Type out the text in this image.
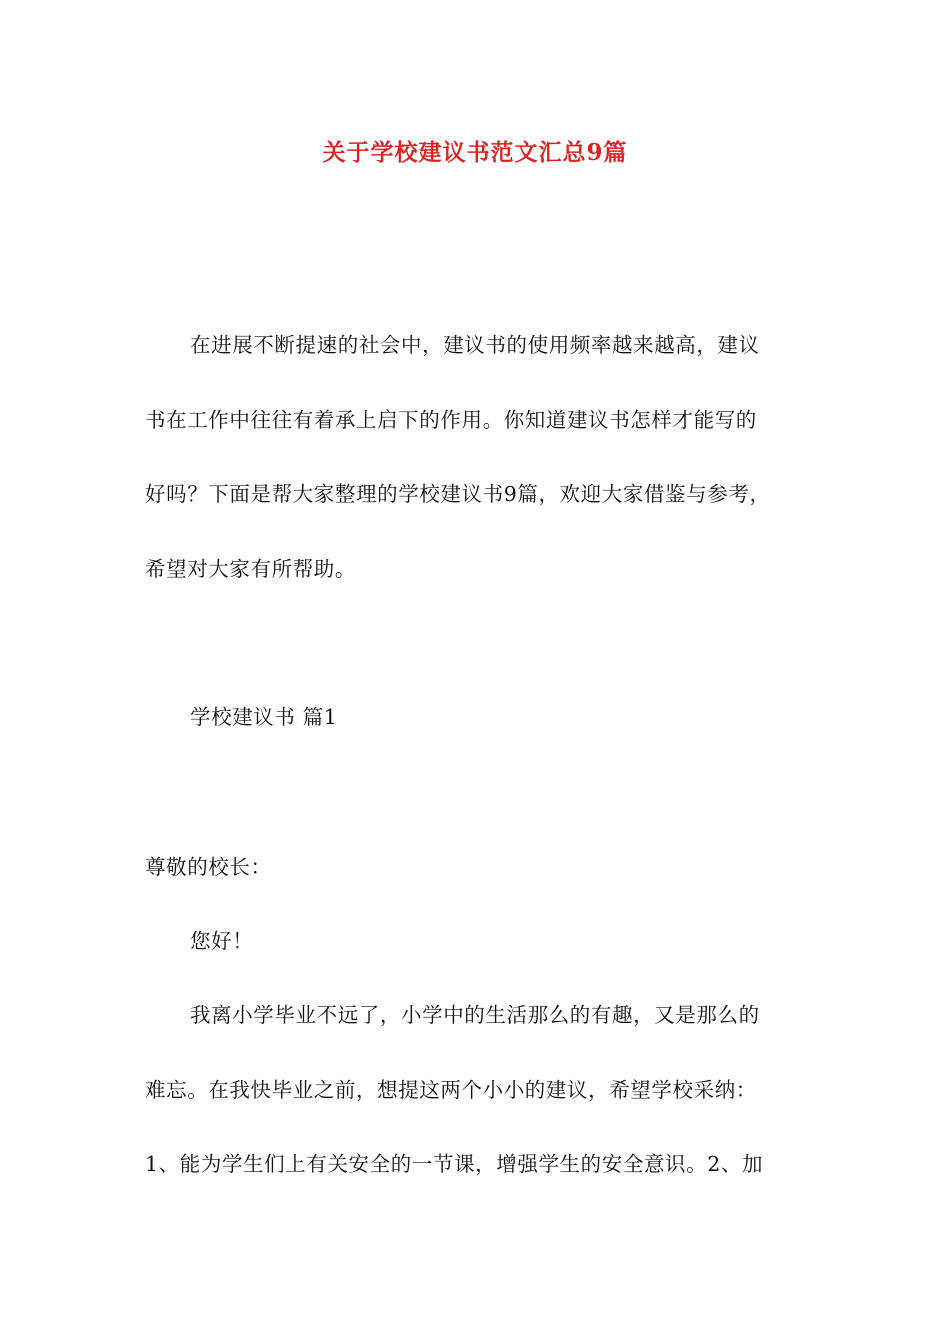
关于学校建议书范文汇总9篇
在进展不断提速的社会中，建议书的使用频率越来越高，建议
书在工作中往往有着承上启下的作用。你知道建议书怎样才能写的
好吗？下面是帮大家整理的学校建议书9篇，欢迎大家借鉴与参考，
希望对大家有所帮助。
学校建议书 篇1
尊敬的校长：
您好！
我离小学毕业不远了，小学中的生活那么的有趣，又是那么的
难忘。在我快毕业之前，想提这两个小小的建议，希望学校采纳：
1、能为学生们上有关安全的一节课，增强学生的安全意识。2、加
